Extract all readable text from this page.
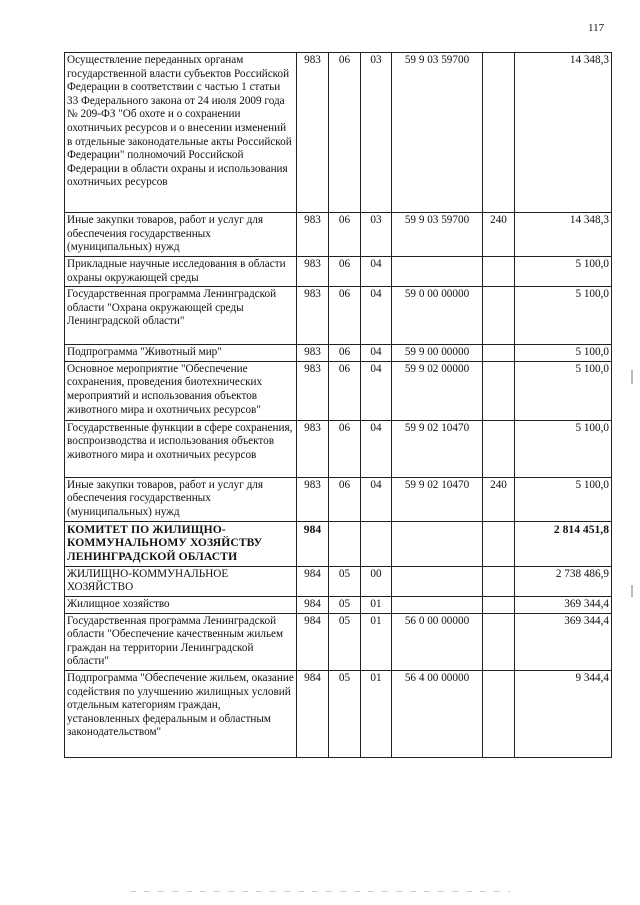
117
Осуществление переданных органам государственной власти субъектов Российской Федерации в соответствии с частью 1 статьи 33 Федерального закона от 24 июля 2009 года № 209-ФЗ "Об охоте и о сохранении охотничьих ресурсов и о внесении изменений в отдельные законодательные акты Российской Федерации" полномочий Российской Федерации в области охраны и использования охотничьих ресурсов	983	06	03	59 9 03 59700		14 348,3
Иные закупки товаров, работ и услуг для обеспечения государственных (муниципальных) нужд	983	06	03	59 9 03 59700	240	14 348,3
Прикладные научные исследования в области охраны окружающей среды	983	06	04			5 100,0
Государственная программа Ленинградской области "Охрана окружающей среды Ленинградской области"	983	06	04	59 0 00 00000		5 100,0
Подпрограмма "Животный мир"	983	06	04	59 9 00 00000		5 100,0
Основное мероприятие "Обеспечение сохранения, проведения биотехнических мероприятий и использования объектов животного мира и охотничьих ресурсов"	983	06	04	59 9 02 00000		5 100,0
Государственные функции в сфере сохранения, воспроизводства и использования объектов животного мира и охотничьих ресурсов	983	06	04	59 9 02 10470		5 100,0
Иные закупки товаров, работ и услуг для обеспечения государственных (муниципальных) нужд	983	06	04	59 9 02 10470	240	5 100,0
КОМИТЕТ ПО ЖИЛИЩНО-КОММУНАЛЬНОМУ ХОЗЯЙСТВУ ЛЕНИНГРАДСКОЙ ОБЛАСТИ	984					2 814 451,8
ЖИЛИЩНО-КОММУНАЛЬНОЕ ХОЗЯЙСТВО	984	05	00			2 738 486,9
Жилищное хозяйство	984	05	01			369 344,4
Государственная программа Ленинградской области "Обеспечение качественным жильем граждан на территории Ленинградской области"	984	05	01	56 0 00 00000		369 344,4
Подпрограмма "Обеспечение жильем, оказание содействия по улучшению жилищных условий отдельным категориям граждан, установленных федеральным и областным законодательством"	984	05	01	56 4 00 00000		9 344,4
